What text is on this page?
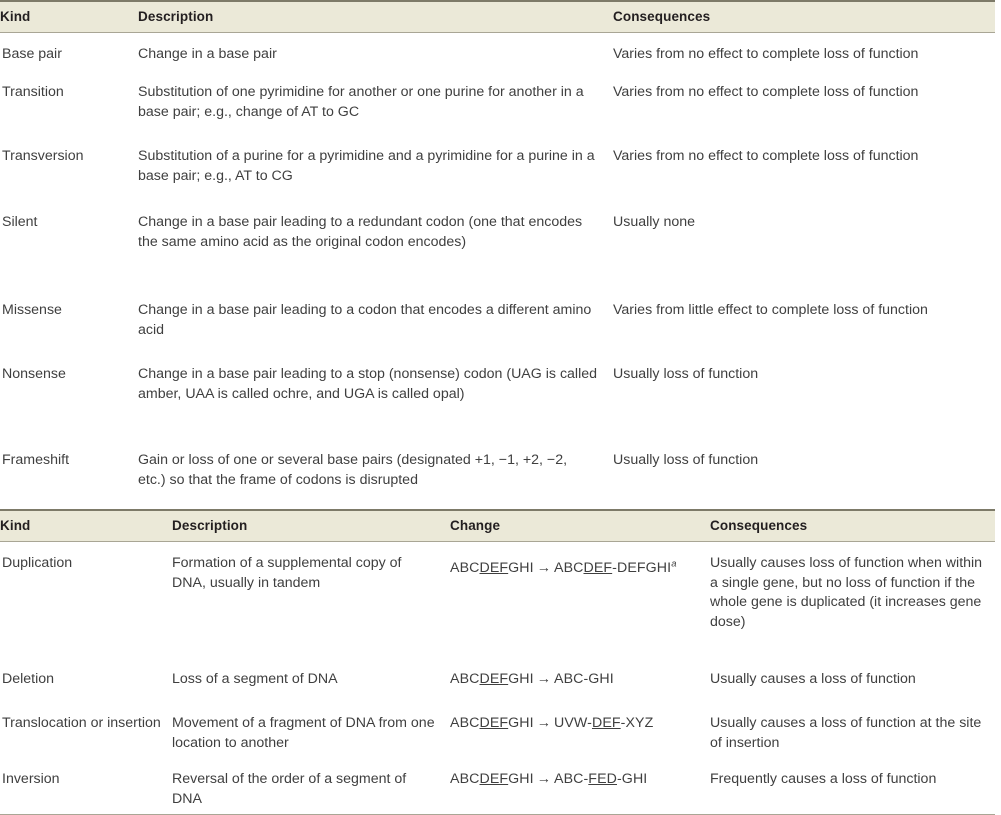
Kind	Description	Consequences
Base pair	Change in a base pair	Varies from no effect to complete loss of function
Transition	Substitution of one pyrimidine for another or one purine for another in a base pair; e.g., change of AT to GC	Varies from no effect to complete loss of function
Transversion	Substitution of a purine for a pyrimidine and a pyrimidine for a purine in a base pair; e.g., AT to CG	Varies from no effect to complete loss of function
Silent	Change in a base pair leading to a redundant codon (one that encodes the same amino acid as the original codon encodes)	Usually none
Missense	Change in a base pair leading to a codon that encodes a different amino acid	Varies from little effect to complete loss of function
Nonsense	Change in a base pair leading to a stop (nonsense) codon (UAG is called amber, UAA is called ochre, and UGA is called opal)	Usually loss of function
Frameshift	Gain or loss of one or several base pairs (designated +1, −1, +2, −2, etc.) so that the frame of codons is disrupted	Usually loss of function
Kind	Description	Change	Consequences
Duplication	Formation of a supplemental copy of DNA, usually in tandem	ABCDEFGHI → ABCDEF-$DEFGHI^a$	Usually causes loss of function when within a single gene, but no loss of function if the whole gene is duplicated (it increases gene dose)
Deletion	Loss of a segment of DNA	ABCDEFGHI → ABC-GHI	Usually causes a loss of function
Translocation or insertion	Movement of a fragment of DNA from one location to another	ABCDEFGHI → UVW-DEF-XYZ	Usually causes a loss of function at the site of insertion
Inversion	Reversal of the order of a segment of DNA	ABCDEFGHI → ABC-FED-GHI	Frequently causes a loss of function
